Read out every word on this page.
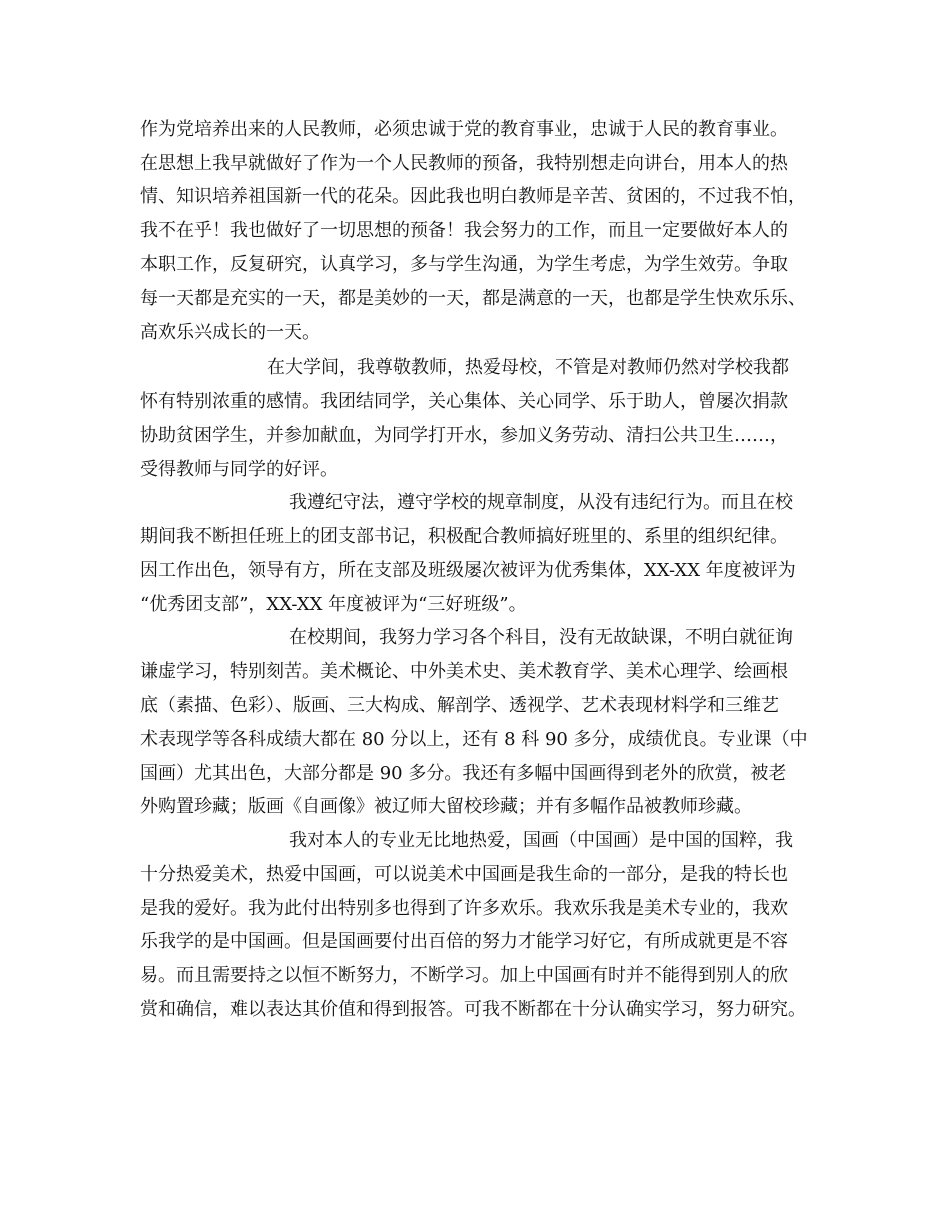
作为党培养出来的人民教师，必须忠诚于党的教育事业，忠诚于人民的教育事业。
在思想上我早就做好了作为一个人民教师的预备，我特别想走向讲台，用本人的热
情、知识培养祖国新一代的花朵。因此我也明白教师是辛苦、贫困的，不过我不怕，
我不在乎！我也做好了一切思想的预备！我会努力的工作，而且一定要做好本人的
本职工作，反复研究，认真学习，多与学生沟通，为学生考虑，为学生效劳。争取
每一天都是充实的一天，都是美妙的一天，都是满意的一天，也都是学生快欢乐乐、
高欢乐兴成长的一天。
在大学间，我尊敬教师，热爱母校，不管是对教师仍然对学校我都
怀有特别浓重的感情。我团结同学，关心集体、关心同学、乐于助人，曾屡次捐款
协助贫困学生，并参加献血，为同学打开水，参加义务劳动、清扫公共卫生……，
受得教师与同学的好评。
我遵纪守法，遵守学校的规章制度，从没有违纪行为。而且在校
期间我不断担任班上的团支部书记，积极配合教师搞好班里的、系里的组织纪律。
因工作出色，领导有方，所在支部及班级屡次被评为优秀集体，XX-XX 年度被评为
“优秀团支部”，XX-XX 年度被评为“三好班级”。
在校期间，我努力学习各个科目，没有无故缺课，不明白就征询
谦虚学习，特别刻苦。美术概论、中外美术史、美术教育学、美术心理学、绘画根
底（素描、色彩）、版画、三大构成、解剖学、透视学、艺术表现材料学和三维艺
术表现学等各科成绩大都在 80 分以上，还有 8 科 90 多分，成绩优良。专业课（中
国画）尤其出色，大部分都是 90 多分。我还有多幅中国画得到老外的欣赏，被老
外购置珍藏；版画《自画像》被辽师大留校珍藏；并有多幅作品被教师珍藏。
我对本人的专业无比地热爱，国画（中国画）是中国的国粹，我
十分热爱美术，热爱中国画，可以说美术中国画是我生命的一部分，是我的特长也
是我的爱好。我为此付出特别多也得到了许多欢乐。我欢乐我是美术专业的，我欢
乐我学的是中国画。但是国画要付出百倍的努力才能学习好它，有所成就更是不容
易。而且需要持之以恒不断努力，不断学习。加上中国画有时并不能得到别人的欣
赏和确信，难以表达其价值和得到报答。可我不断都在十分认确实学习，努力研究。
